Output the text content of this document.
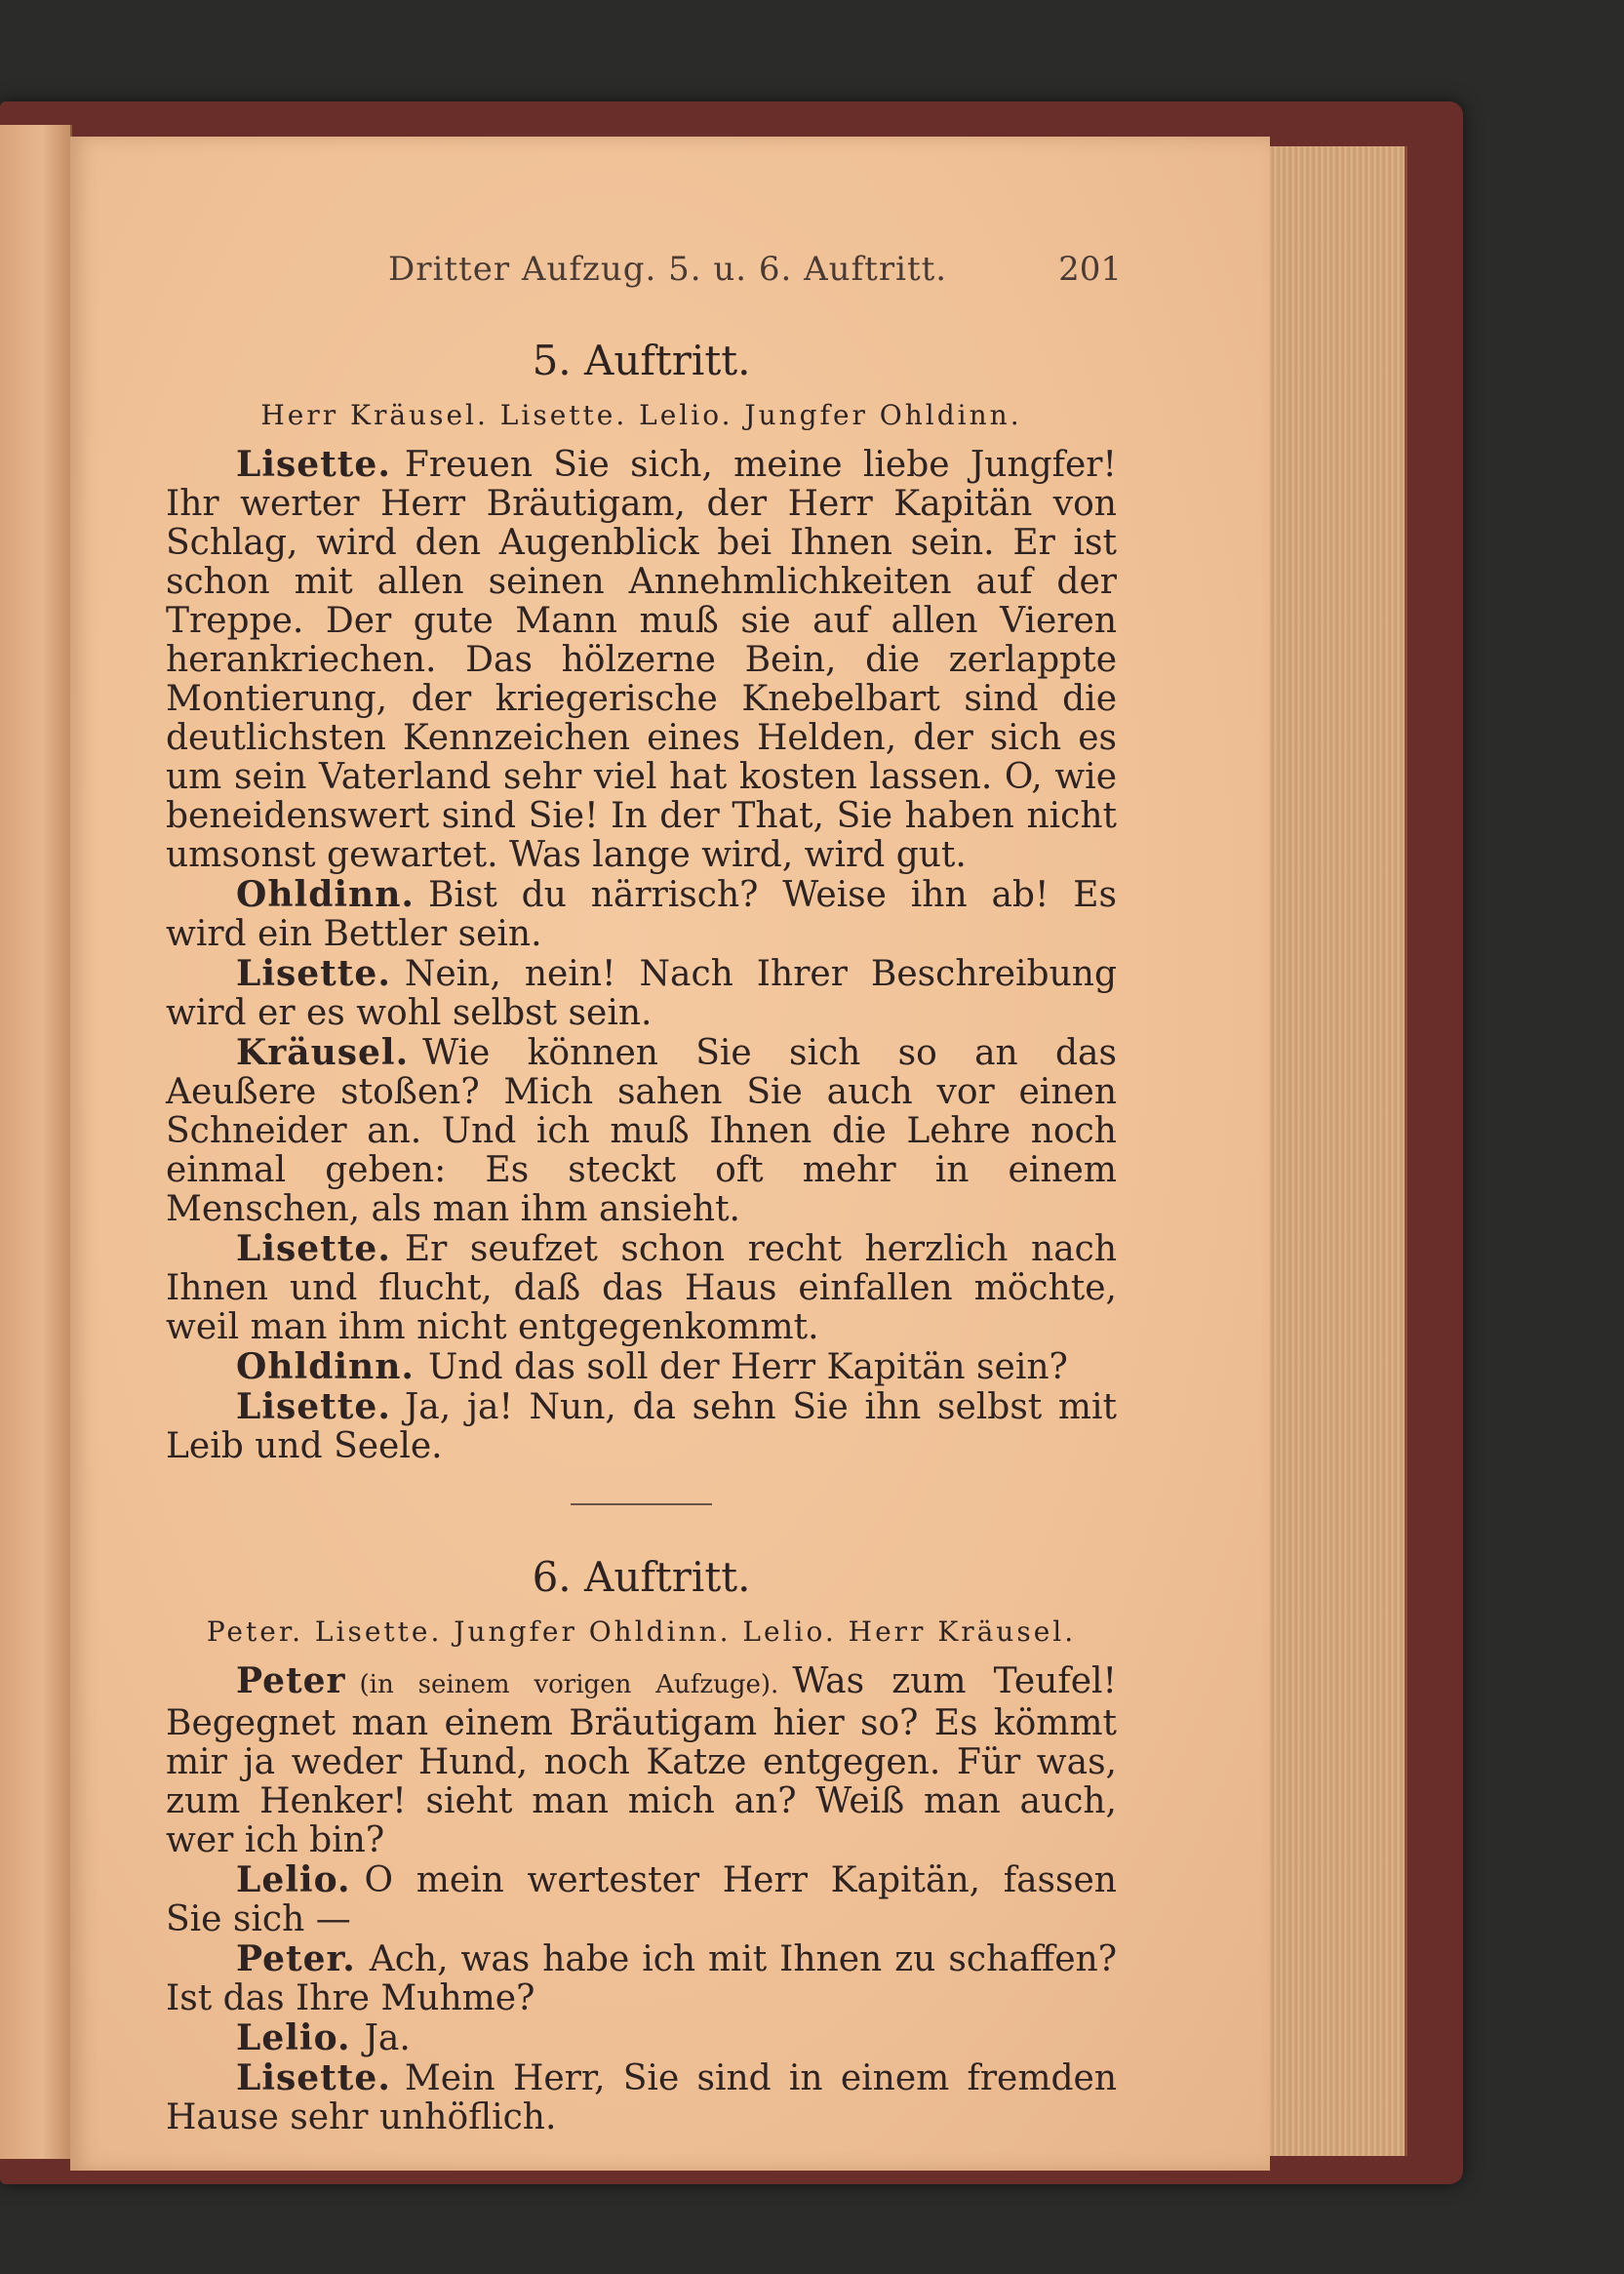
Dritter Aufzug. 5. u. 6. Auftritt.	201
5. Auftritt.
Herr Kräusel. Lisette. Lelio. Jungfer Ohldinn.

Lisette. Freuen Sie sich, meine liebe Jungfer! Ihr werter Herr Bräutigam, der Herr Kapitän von Schlag, wird den Augenblick bei Ihnen sein. Er ist schon mit allen seinen Annehmlichkeiten auf der Treppe. Der gute Mann muß sie auf allen Vieren herankriechen. Das hölzerne Bein, die zerlappte Montierung, der kriegerische Knebelbart sind die deutlichsten Kennzeichen eines Helden, der sich es um sein Vaterland sehr viel hat kosten lassen. O, wie beneidenswert sind Sie! In der That, Sie haben nicht umsonst gewartet. Was lange wird, wird gut.

Ohldinn. Bist du närrisch? Weise ihn ab! Es wird ein Bettler sein.

Lisette. Nein, nein! Nach Ihrer Beschreibung wird er es wohl selbst sein.

Kräusel. Wie können Sie sich so an das Aeußere stoßen? Mich sahen Sie auch vor einen Schneider an. Und ich muß Ihnen die Lehre noch einmal geben: Es steckt oft mehr in einem Menschen, als man ihm ansieht.

Lisette. Er seufzet schon recht herzlich nach Ihnen und flucht, daß das Haus einfallen möchte, weil man ihm nicht entgegenkommt.

Ohldinn. Und das soll der Herr Kapitän sein?

Lisette. Ja, ja! Nun, da sehn Sie ihn selbst mit Leib und Seele.

6. Auftritt.
Peter. Lisette. Jungfer Ohldinn. Lelio. Herr Kräusel.

Peter (in seinem vorigen Aufzuge). Was zum Teufel! Begegnet man einem Bräutigam hier so? Es kömmt mir ja weder Hund, noch Katze entgegen. Für was, zum Henker! sieht man mich an? Weiß man auch, wer ich bin?

Lelio. O mein wertester Herr Kapitän, fassen Sie sich —

Peter. Ach, was habe ich mit Ihnen zu schaffen? Ist das Ihre Muhme?

Lelio. Ja.

Lisette. Mein Herr, Sie sind in einem fremden Hause sehr unhöflich.
